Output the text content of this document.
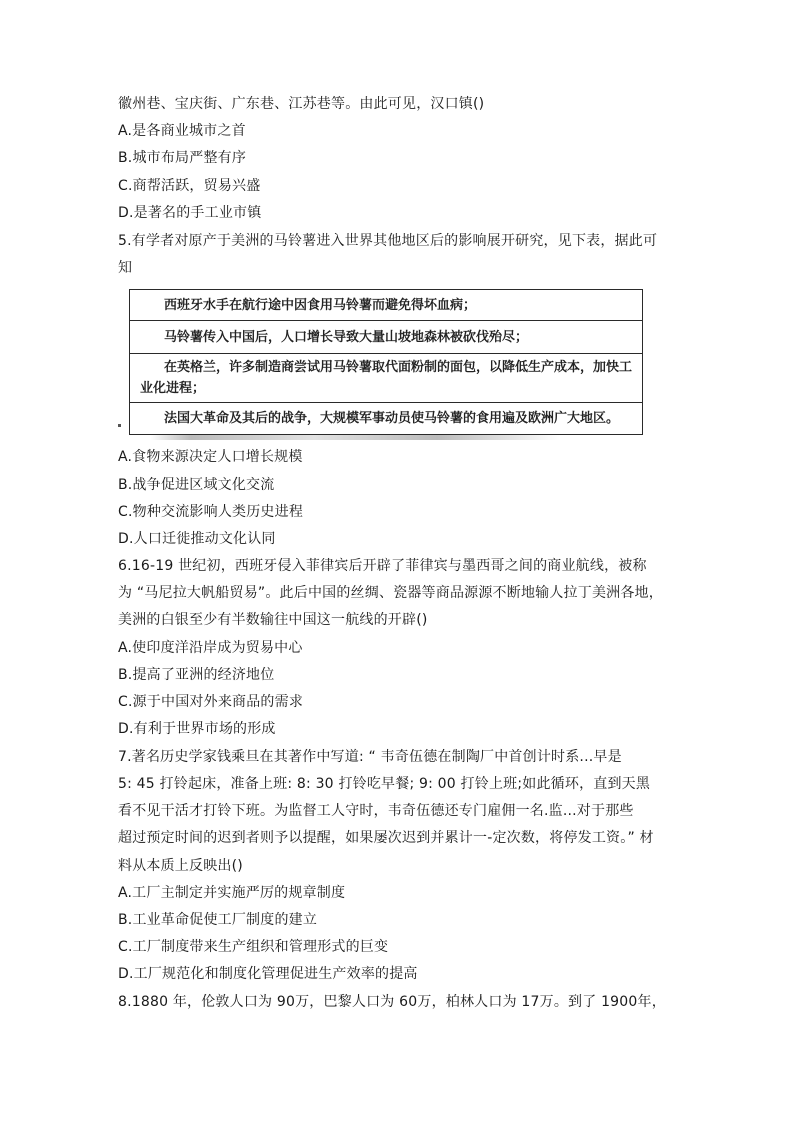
徽州巷、宝庆街、广东巷、江苏巷等。由此可见，汉口镇()
A.是各商业城市之首
B.城市布局严整有序
C.商帮活跃，贸易兴盛
D.是著名的手工业市镇
5.有学者对原产于美洲的马铃薯进入世界其他地区后的影响展开研究，见下表，据此可
知
西班牙水手在航行途中因食用马铃薯而避免得坏血病；
马铃薯传入中国后，人口增长导致大量山坡地森林被砍伐殆尽；
在英格兰，许多制造商尝试用马铃薯取代面粉制的面包，以降低生产成本，加快工业化进程；
法国大革命及其后的战争，大规模军事动员使马铃薯的食用遍及欧洲广大地区。
A.食物来源决定人口增长规模
B.战争促进区域文化交流
C.物种交流影响人类历史进程
D.人口迁徙推动文化认同
6.16-19 世纪初，西班牙侵入菲律宾后开辟了菲律宾与墨西哥之间的商业航线，被称
为 “马尼拉大帆船贸易”。此后中国的丝绸、瓷器等商品源源不断地输人拉丁美洲各地，
美洲的白银至少有半数输往中国这一航线的开辟()
A.使印度洋沿岸成为贸易中心
B.提高了亚洲的经济地位
C.源于中国对外来商品的需求
D.有利于世界市场的形成
7.著名历史学家钱乘旦在其著作中写道: “ 韦奇伍德在制陶厂中首创计时系...早是
5: 45 打铃起床，准备上班: 8: 30 打铃吃早餐; 9: 00 打铃上班;如此循环，直到天黑
看不见干活才打铃下班。为监督工人守时，韦奇伍德还专门雇佣一名.监...对于那些
超过预定时间的迟到者则予以提醒，如果屡次迟到并累计一-定次数，将停发工资。” 材
料从本质上反映出()
A.工厂主制定并实施严厉的规章制度
B.工业革命促使工厂制度的建立
C.工厂制度带来生产组织和管理形式的巨变
D.工厂规范化和制度化管理促进生产效率的提高
8.1880 年，伦敦人口为 90万，巴黎人口为 60万，柏林人口为 17万。到了 1900年，
